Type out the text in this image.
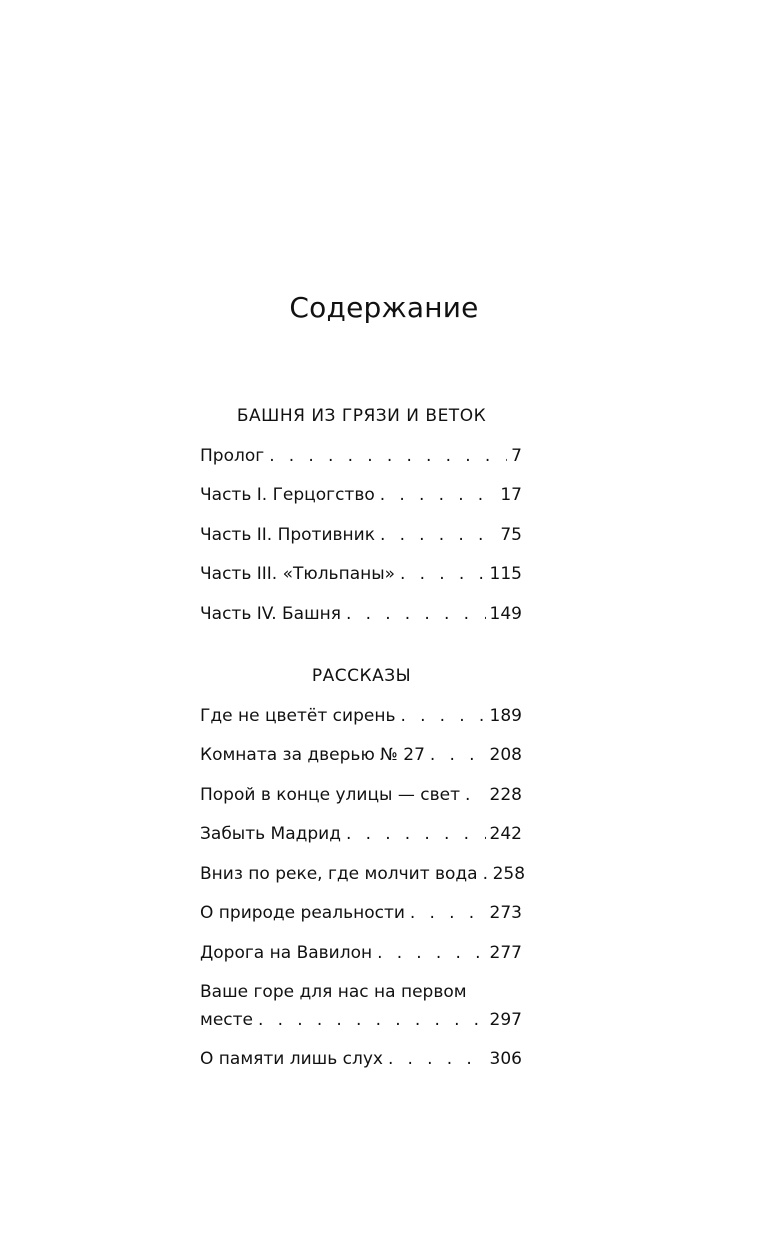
Содержание
БАШНЯ ИЗ ГРЯЗИ И ВЕТОК
Пролог . . .	7
Часть I. Герцогство . . .	17
Часть II. Противник . . .	75
Часть III. «Тюльпаны» . . .	115
Часть IV. Башня . . .	149
РАССКАЗЫ
Где не цветёт сирень . . .	189
Комната за дверью № 27 . . .	208
Порой в конце улицы — свет . . . 228
Забыть Мадрид . . .	242
Вниз по реке, где молчит вода . . . 258
О природе реальности . . .	273
Дорога на Вавилон . . .	277
Ваше горе для нас на первом
месте . . .	297
О памяти лишь слух . . .	306
